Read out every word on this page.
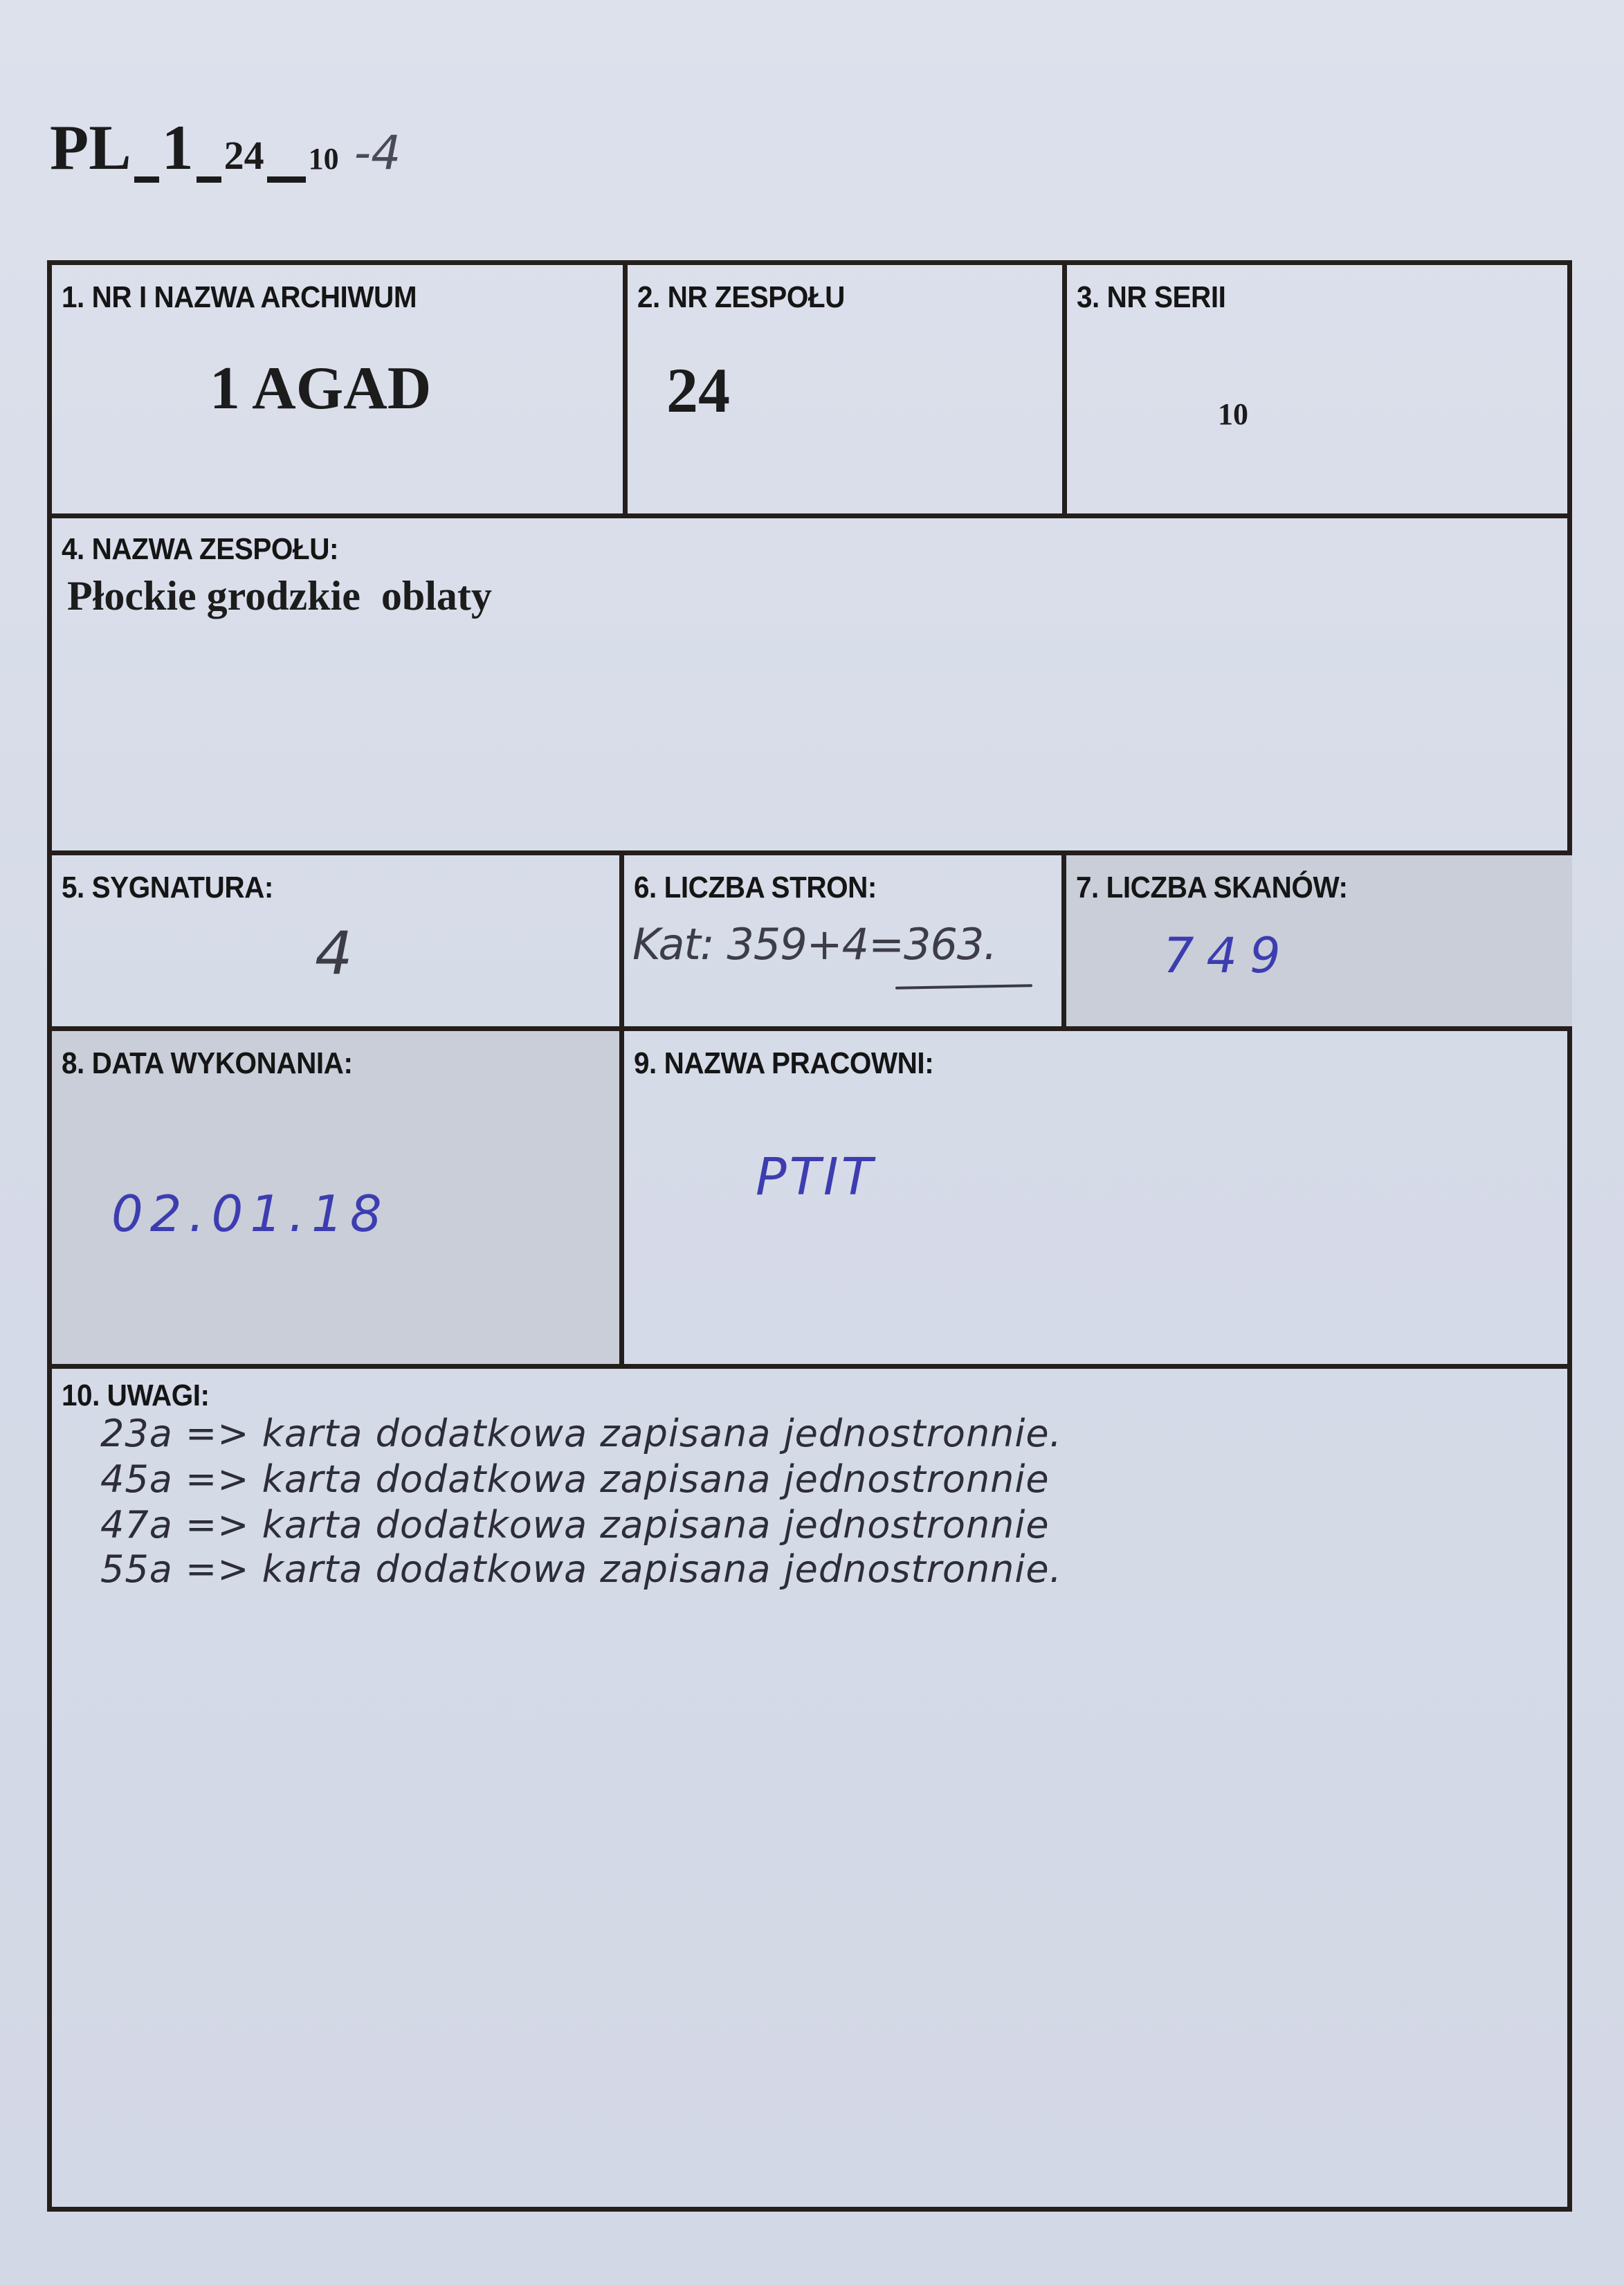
PL 1 24 10 -4
1. NR I NAZWA ARCHIWUM
1 AGAD
2. NR ZESPOŁU
24
3. NR SERII
10
4. NAZWA ZESPOŁU:
Płockie grodzkie  oblaty
5. SYGNATURA:
4
6. LICZBA STRON:
Kat: 359+4=363.
7. LICZBA SKANÓW:
749
8. DATA WYKONANIA:
02.01.18
9. NAZWA PRACOWNI:
PTIT
10. UWAGI:
23a => karta dodatkowa zapisana jednostronnie.
45a => karta dodatkowa zapisana jednostronnie
47a => karta dodatkowa zapisana jednostronnie
55a => karta dodatkowa zapisana jednostronnie.
